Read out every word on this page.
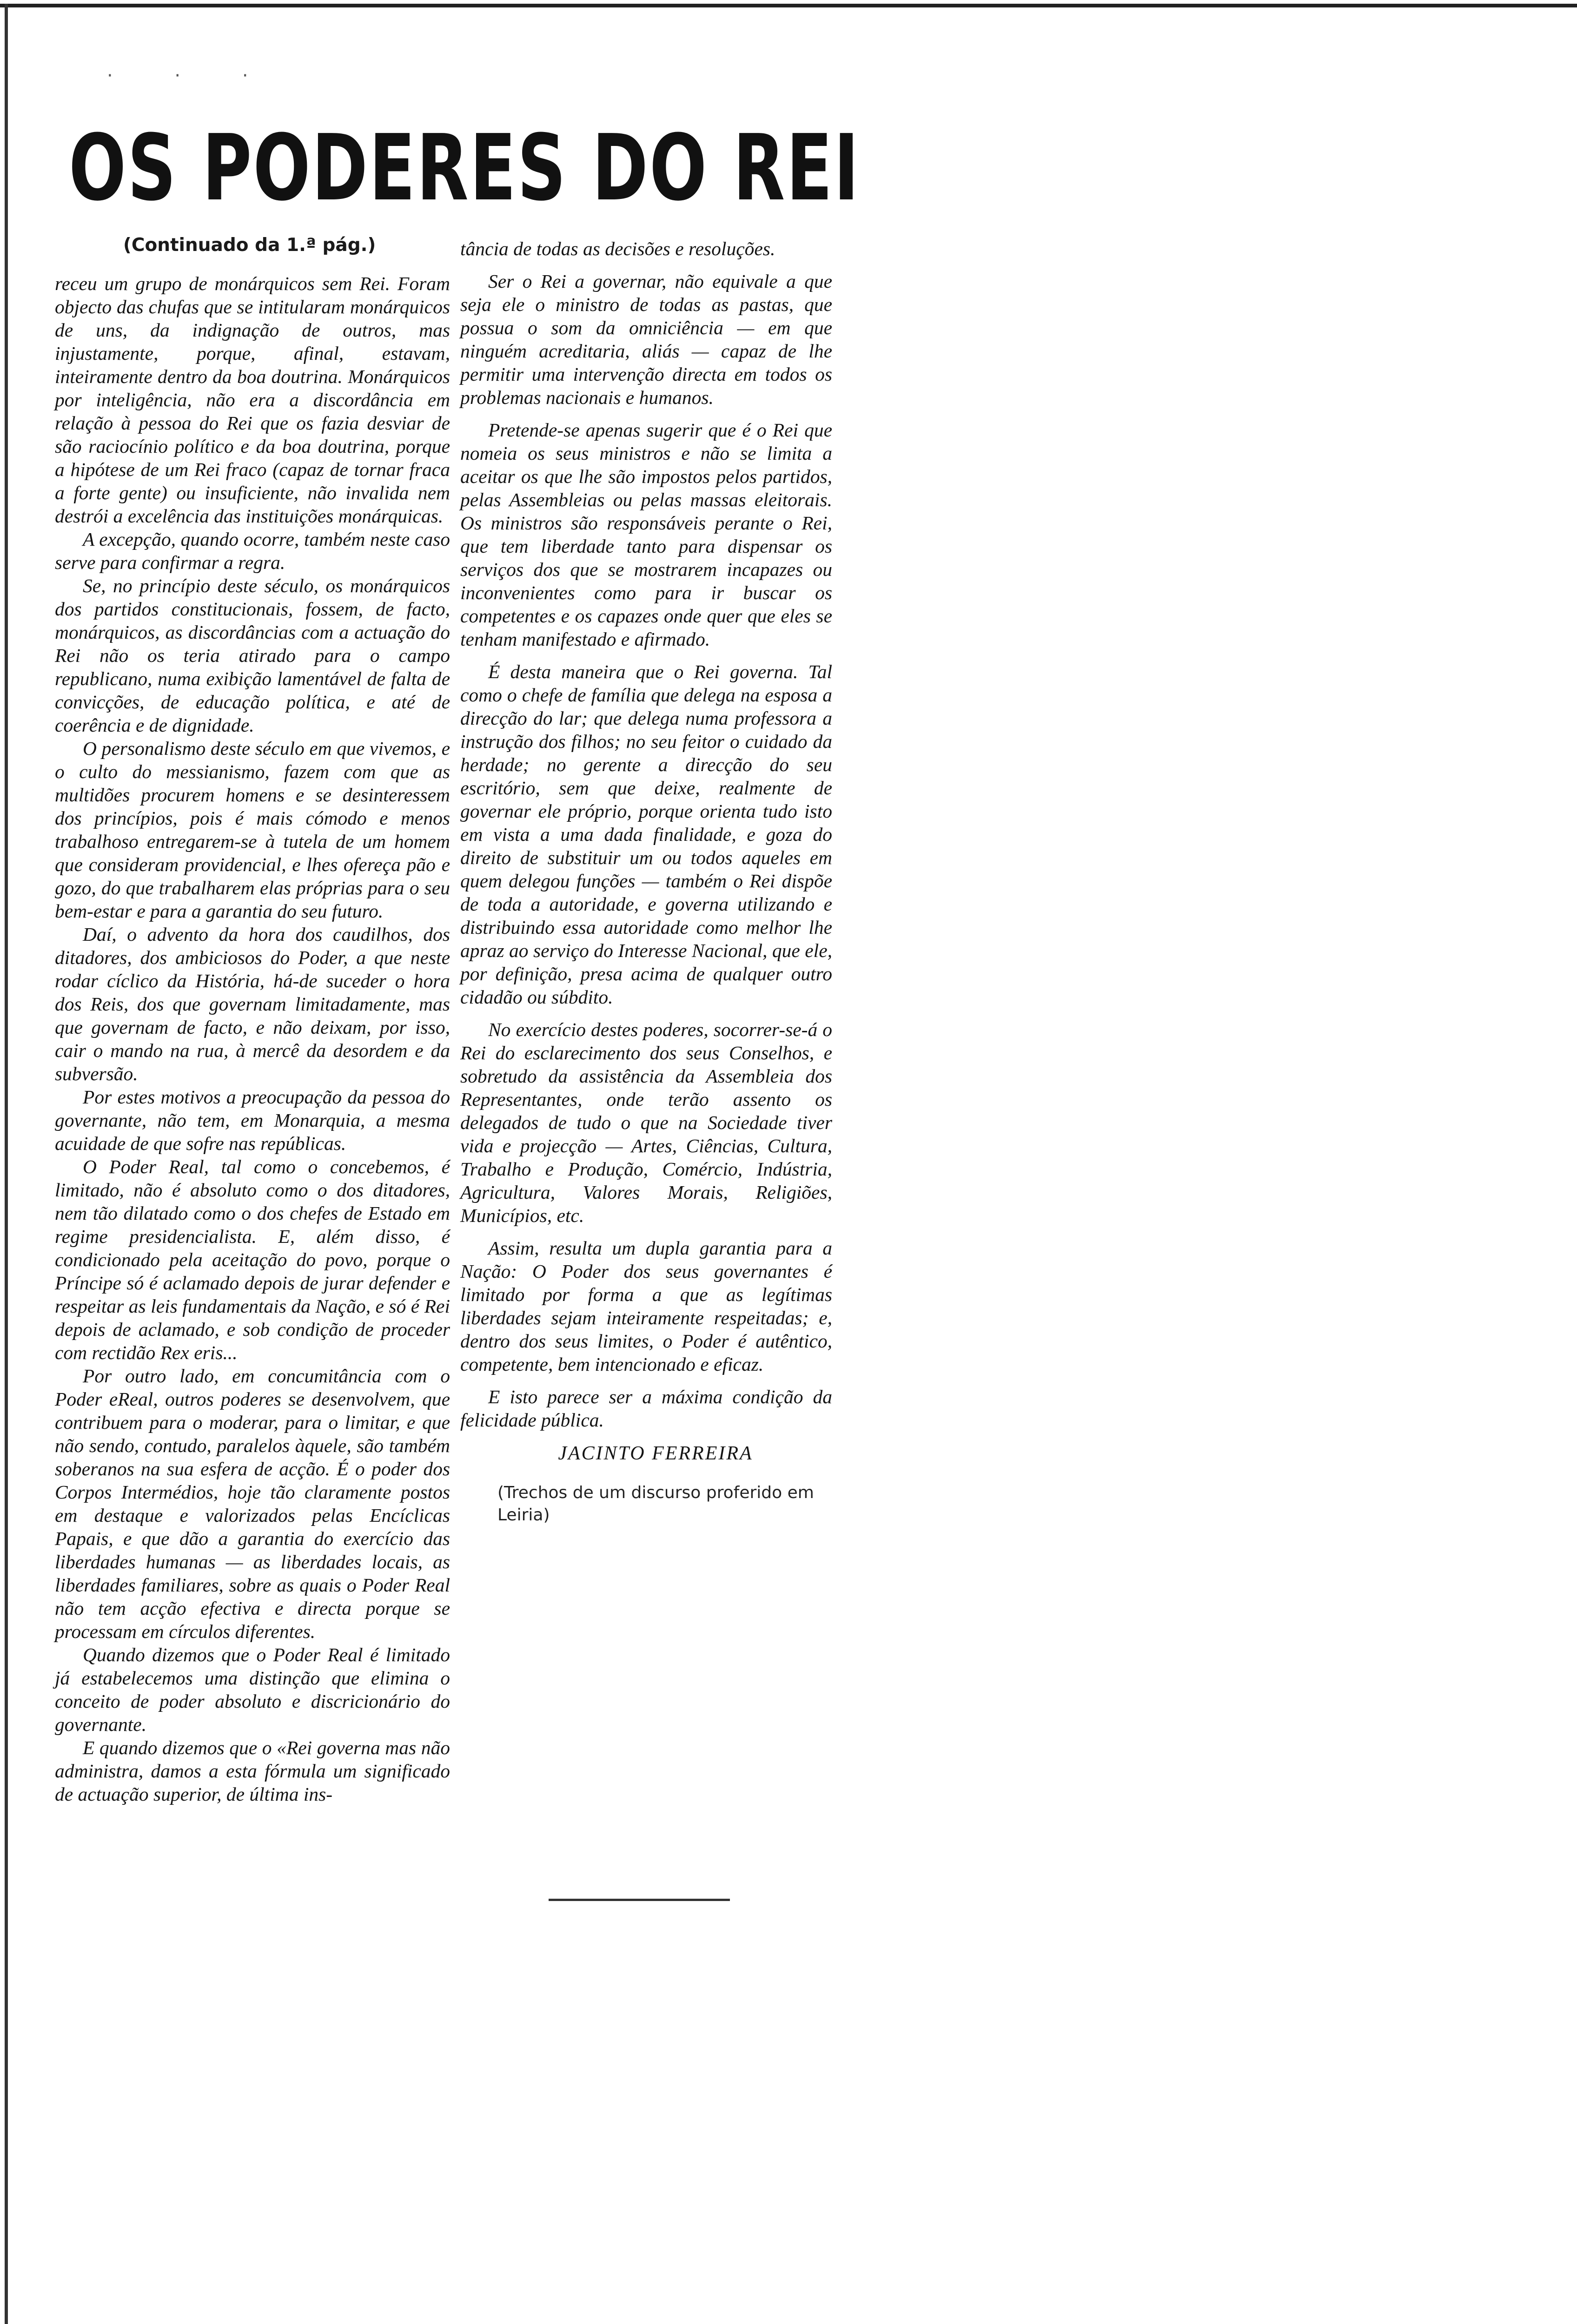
· · ·
OS PODERES DO REI
(Continuado da 1.ª pág.)

receu um grupo de monárquicos sem Rei. Foram objecto das chufas que se intitularam monárquicos de uns, da indignação de outros, mas injustamente, porque, afinal, estavam, inteiramente dentro da boa doutrina. Monárquicos por inteligência, não era a discordância em relação à pessoa do Rei que os fazia desviar de são raciocínio político e da boa doutrina, porque a hipótese de um Rei fraco (capaz de tornar fraca a forte gente) ou insuficiente, não invalida nem destrói a excelência das instituições monárquicas.

A excepção, quando ocorre, também neste caso serve para confirmar a regra.

Se, no princípio deste século, os monárquicos dos partidos constitucionais, fossem, de facto, monárquicos, as discordâncias com a actuação do Rei não os teria atirado para o campo republicano, numa exibição lamentável de falta de convicções, de educação política, e até de coerência e de dignidade.

O personalismo deste século em que vivemos, e o culto do messianismo, fazem com que as multidões procurem homens e se desinteressem dos princípios, pois é mais cómodo e menos trabalhoso entregarem-se à tutela de um homem que consideram providencial, e lhes ofereça pão e gozo, do que trabalharem elas próprias para o seu bem-estar e para a garantia do seu futuro.

Daí, o advento da hora dos caudilhos, dos ditadores, dos ambiciosos do Poder, a que neste rodar cíclico da História, há-de suceder o hora dos Reis, dos que governam limitadamente, mas que governam de facto, e não deixam, por isso, cair o mando na rua, à mercê da desordem e da subversão.

Por estes motivos a preocupação da pessoa do governante, não tem, em Monarquia, a mesma acuidade de que sofre nas repúblicas.

O Poder Real, tal como o concebemos, é limitado, não é absoluto como o dos ditadores, nem tão dilatado como o dos chefes de Estado em regime presidencialista. E, além disso, é condicionado pela aceitação do povo, porque o Príncipe só é aclamado depois de jurar defender e respeitar as leis fundamentais da Nação, e só é Rei depois de aclamado, e sob condição de proceder com rectidão Rex eris...

Por outro lado, em concumitância com o Poder eReal, outros poderes se desenvolvem, que contribuem para o moderar, para o limitar, e que não sendo, contudo, paralelos àquele, são também soberanos na sua esfera de acção. É o poder dos Corpos Intermédios, hoje tão claramente postos em destaque e valorizados pelas Encíclicas Papais, e que dão a garantia do exercício das liberdades humanas — as liberdades locais, as liberdades familiares, sobre as quais o Poder Real não tem acção efectiva e directa porque se processam em círculos diferentes.

Quando dizemos que o Poder Real é limitado já estabelecemos uma distinção que elimina o conceito de poder absoluto e discricionário do governante.

E quando dizemos que o «Rei governa mas não administra, damos a esta fórmula um significado de actuação superior, de última ins-

tância de todas as decisões e resoluções.

Ser o Rei a governar, não equivale a que seja ele o ministro de todas as pastas, que possua o som da omniciência — em que ninguém acreditaria, aliás — capaz de lhe permitir uma intervenção directa em todos os problemas nacionais e humanos.

Pretende-se apenas sugerir que é o Rei que nomeia os seus ministros e não se limita a aceitar os que lhe são impostos pelos partidos, pelas Assembleias ou pelas massas eleitorais. Os ministros são responsáveis perante o Rei, que tem liberdade tanto para dispensar os serviços dos que se mostrarem incapazes ou inconvenientes como para ir buscar os competentes e os capazes onde quer que eles se tenham manifestado e afirmado.

É desta maneira que o Rei governa. Tal como o chefe de família que delega na esposa a direcção do lar; que delega numa professora a instrução dos filhos; no seu feitor o cuidado da herdade; no gerente a direcção do seu escritório, sem que deixe, realmente de governar ele próprio, porque orienta tudo isto em vista a uma dada finalidade, e goza do direito de substituir um ou todos aqueles em quem delegou funções — também o Rei dispõe de toda a autoridade, e governa utilizando e distribuindo essa autoridade como melhor lhe apraz ao serviço do Interesse Nacional, que ele, por definição, presa acima de qualquer outro cidadão ou súbdito.

No exercício destes poderes, socorrer-se-á o Rei do esclarecimento dos seus Conselhos, e sobretudo da assistência da Assembleia dos Representantes, onde terão assento os delegados de tudo o que na Sociedade tiver vida e projecção — Artes, Ciências, Cultura, Trabalho e Produção, Comércio, Indústria, Agricultura, Valores Morais, Religiões, Municípios, etc.

Assim, resulta um dupla garantia para a Nação: O Poder dos seus governantes é limitado por forma a que as legítimas liberdades sejam inteiramente respeitadas; e, dentro dos seus limites, o Poder é autêntico, competente, bem intencionado e eficaz.

E isto parece ser a máxima condição da felicidade pública.

JACINTO FERREIRA
(Trechos de um discurso proferido em Leiria)
